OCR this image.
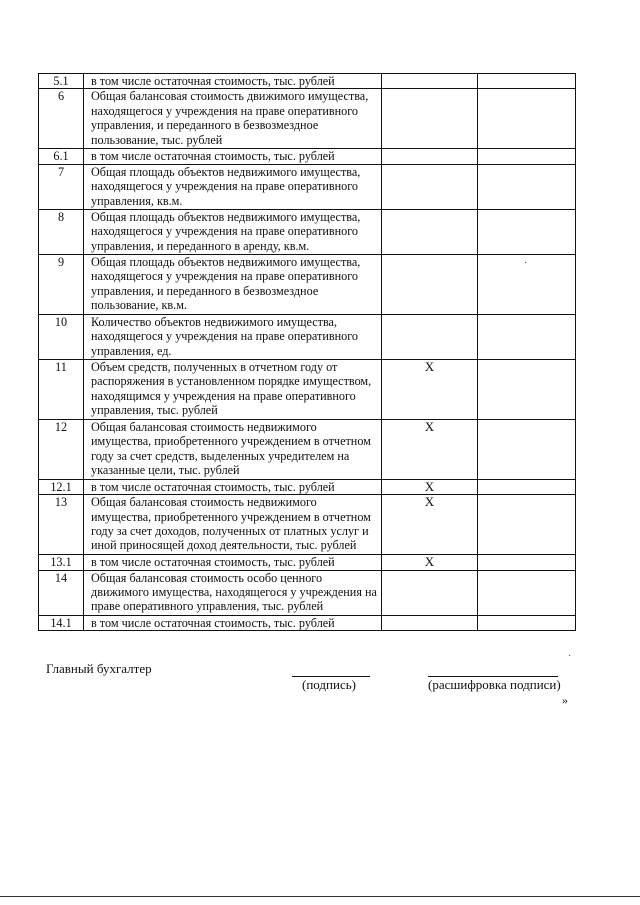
5.1	в том числе остаточная стоимость, тыс. рублей		
6	Общая балансовая стоимость движимого имущества, находящегося у учреждения на праве оперативного управления, и переданного в безвозмездное пользование, тыс. рублей		
6.1	в том числе остаточная стоимость, тыс. рублей		
7	Общая площадь объектов недвижимого имущества, находящегося у учреждения на праве оперативного управления, кв.м.		
8	Общая площадь объектов недвижимого имущества, находящегося у учреждения на праве оперативного управления, и переданного в аренду, кв.м.		
9	Общая площадь объектов недвижимого имущества, находящегося у учреждения на праве оперативного управления, и переданного в безвозмездное пользование, кв.м.		
10	Количество объектов недвижимого имущества, находящегося у учреждения на праве оперативного управления, ед.		
11	Объем средств, полученных в отчетном году от распоряжения в установленном порядке имуществом, находящимся у учреждения на праве оперативного управления, тыс. рублей	X	
12	Общая балансовая стоимость недвижимого имущества, приобретенного учреждением в отчетном году за счет средств, выделенных учредителем на указанные цели, тыс. рублей	X	
12.1	в том числе остаточная стоимость, тыс. рублей	X	
13	Общая балансовая стоимость недвижимого имущества, приобретенного учреждением в отчетном году за счет доходов, полученных от платных услуг и иной приносящей доход деятельности, тыс. рублей	X	
13.1	в том числе остаточная стоимость, тыс. рублей	X	
14	Общая балансовая стоимость особо ценного движимого имущества, находящегося у учреждения на праве оперативного управления, тыс. рублей		
14.1	в том числе остаточная стоимость, тыс. рублей		
Главный бухгалтер
(подпись)	(расшифровка подписи)
»
·
·
